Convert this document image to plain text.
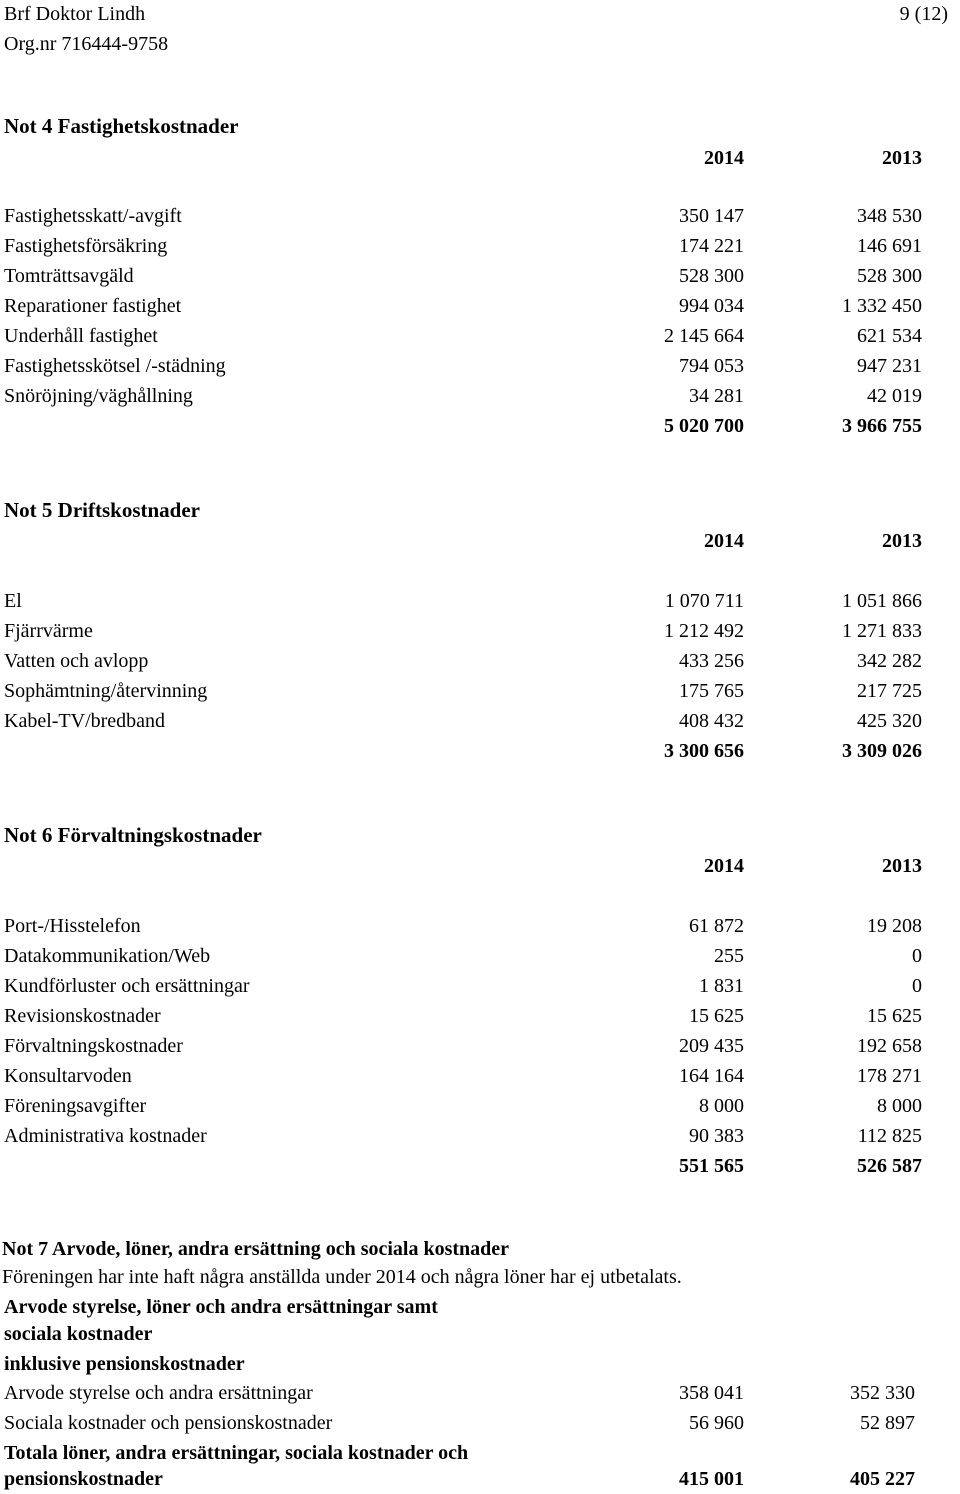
Brf Doktor Lindh
Org.nr 716444-9758
9 (12)
Not 4 Fastighetskostnader
2014	2013
Fastighetsskatt/-avgift	350 147	348 530
Fastighetsförsäkring	174 221	146 691
Tomträttsavgäld	528 300	528 300
Reparationer fastighet	994 034	1 332 450
Underhåll fastighet	2 145 664	621 534
Fastighetsskötsel /-städning	794 053	947 231
Snöröjning/väghållning	34 281	42 019
5 020 700	3 966 755
Not 5 Driftskostnader
2014	2013
El	1 070 711	1 051 866
Fjärrvärme	1 212 492	1 271 833
Vatten och avlopp	433 256	342 282
Sophämtning/återvinning	175 765	217 725
Kabel-TV/bredband	408 432	425 320
3 300 656	3 309 026
Not 6 Förvaltningskostnader
2014	2013
Port-/Hisstelefon	61 872	19 208
Datakommunikation/Web	255	0
Kundförluster och ersättningar	1 831	0
Revisionskostnader	15 625	15 625
Förvaltningskostnader	209 435	192 658
Konsultarvoden	164 164	178 271
Föreningsavgifter	8 000	8 000
Administrativa kostnader	90 383	112 825
551 565	526 587
Not 7 Arvode, löner, andra ersättning och sociala kostnader
Föreningen har inte haft några anställda under 2014 och några löner har ej utbetalats.
Arvode styrelse, löner och andra ersättningar samt
sociala kostnader
inklusive pensionskostnader
Arvode styrelse och andra ersättningar	358 041	352 330
Sociala kostnader och pensionskostnader	56 960	52 897
Totala löner, andra ersättningar, sociala kostnader och
pensionskostnader	415 001	405 227
